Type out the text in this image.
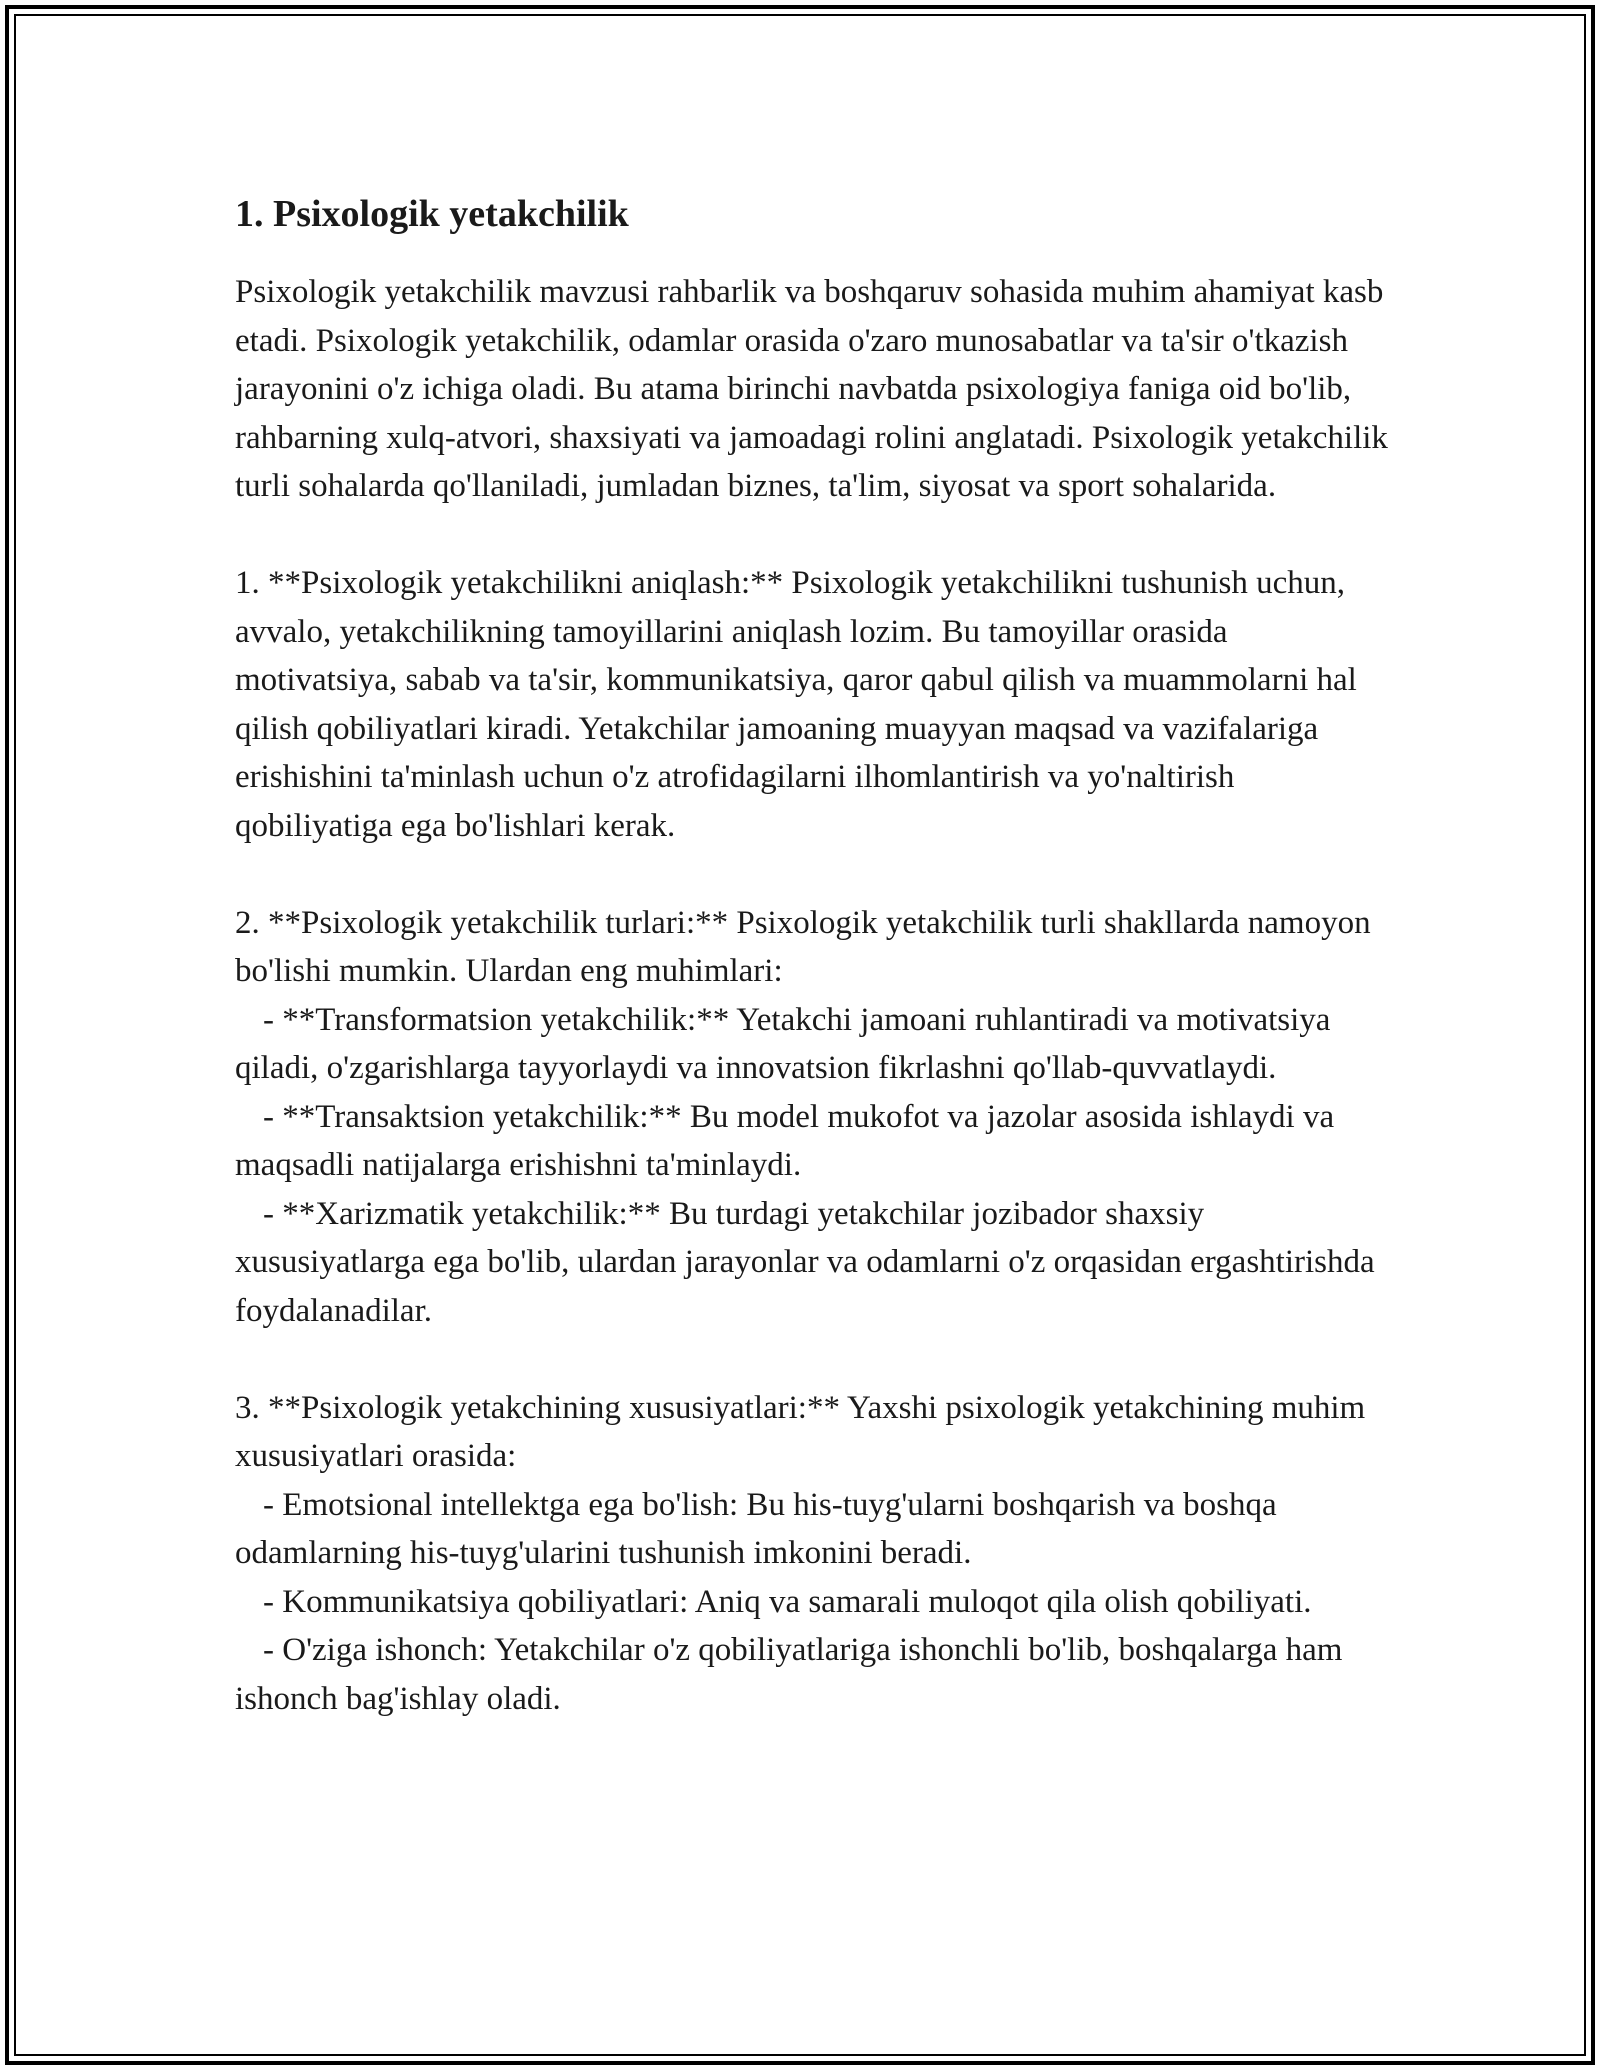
1. Psixologik yetakchilik

Psixologik yetakchilik mavzusi rahbarlik va boshqaruv sohasida muhim ahamiyat kasb etadi. Psixologik yetakchilik, odamlar orasida o'zaro munosabatlar va ta'sir o'tkazish jarayonini o'z ichiga oladi. Bu atama birinchi navbatda psixologiya faniga oid bo'lib, rahbarning xulq-atvori, shaxsiyati va jamoadagi rolini anglatadi. Psixologik yetakchilik turli sohalarda qo'llaniladi, jumladan biznes, ta'lim, siyosat va sport sohalarida.

1. **Psixologik yetakchilikni aniqlash:** Psixologik yetakchilikni tushunish uchun, avvalo, yetakchilikning tamoyillarini aniqlash lozim. Bu tamoyillar orasida motivatsiya, sabab va ta'sir, kommunikatsiya, qaror qabul qilish va muammolarni hal qilish qobiliyatlari kiradi. Yetakchilar jamoaning muayyan maqsad va vazifalariga erishishini ta'minlash uchun o'z atrofidagilarni ilhomlantirish va yo'naltirish qobiliyatiga ega bo'lishlari kerak.

2. **Psixologik yetakchilik turlari:** Psixologik yetakchilik turli shakllarda namoyon bo'lishi mumkin. Ulardan eng muhimlari:

- **Transformatsion yetakchilik:** Yetakchi jamoani ruhlantiradi va motivatsiya qiladi, o'zgarishlarga tayyorlaydi va innovatsion fikrlashni qo'llab-quvvatlaydi.

- **Transaktsion yetakchilik:** Bu model mukofot va jazolar asosida ishlaydi va maqsadli natijalarga erishishni ta'minlaydi.

- **Xarizmatik yetakchilik:** Bu turdagi yetakchilar jozibador shaxsiy xususiyatlarga ega bo'lib, ulardan jarayonlar va odamlarni o'z orqasidan ergashtirishda foydalanadilar.

3. **Psixologik yetakchining xususiyatlari:** Yaxshi psixologik yetakchining muhim xususiyatlari orasida:

- Emotsional intellektga ega bo'lish: Bu his-tuyg'ularni boshqarish va boshqa odamlarning his-tuyg'ularini tushunish imkonini beradi.

- Kommunikatsiya qobiliyatlari: Aniq va samarali muloqot qila olish qobiliyati.

- O'ziga ishonch: Yetakchilar o'z qobiliyatlariga ishonchli bo'lib, boshqalarga ham ishonch bag'ishlay oladi.
